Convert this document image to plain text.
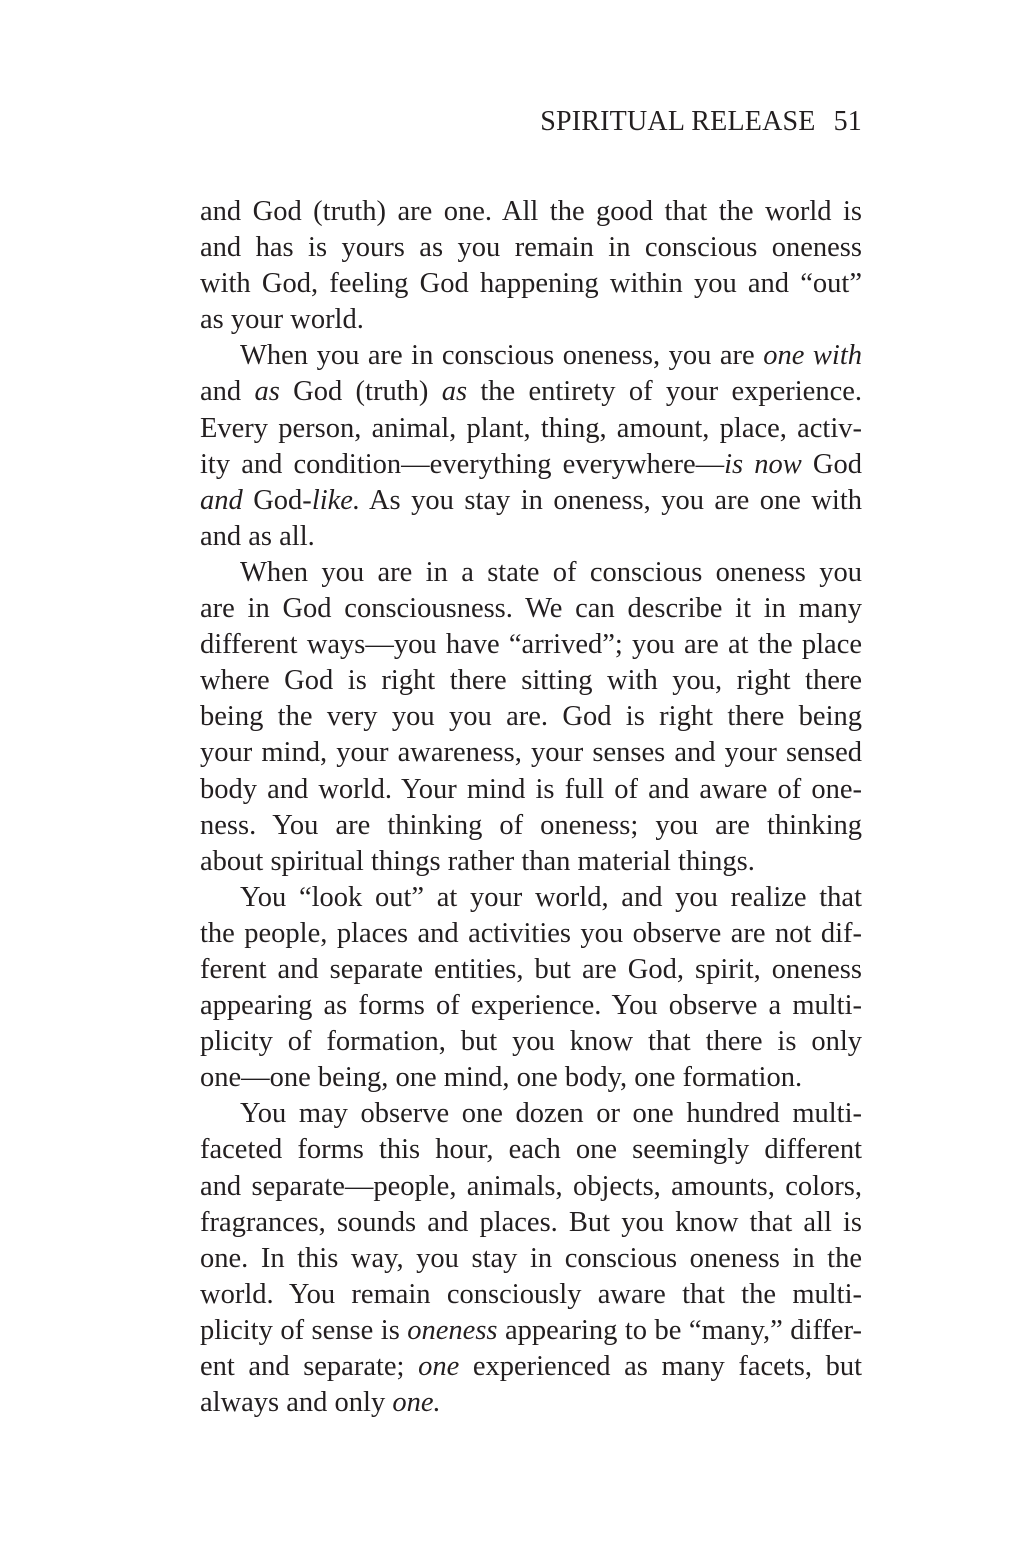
SPIRITUAL RELEASE 51
and God (truth) are one. All the good that the world is
and has is yours as you remain in conscious oneness
with God, feeling God happening within you and “out”
as your world.
When you are in conscious oneness, you are one with
and as God (truth) as the entirety of your experience.
Every person, animal, plant, thing, amount, place, activ-
ity and condition—everything everywhere—is now God
and God-like. As you stay in oneness, you are one with
and as all.
When you are in a state of conscious oneness you
are in God consciousness. We can describe it in many
different ways—you have “arrived”; you are at the place
where God is right there sitting with you, right there
being the very you you are. God is right there being
your mind, your awareness, your senses and your sensed
body and world. Your mind is full of and aware of one-
ness. You are thinking of oneness; you are thinking
about spiritual things rather than material things.
You “look out” at your world, and you realize that
the people, places and activities you observe are not dif-
ferent and separate entities, but are God, spirit, oneness
appearing as forms of experience. You observe a multi-
plicity of formation, but you know that there is only
one—one being, one mind, one body, one formation.
You may observe one dozen or one hundred multi-
faceted forms this hour, each one seemingly different
and separate—people, animals, objects, amounts, colors,
fragrances, sounds and places. But you know that all is
one. In this way, you stay in conscious oneness in the
world. You remain consciously aware that the multi-
plicity of sense is oneness appearing to be “many,” differ-
ent and separate; one experienced as many facets, but
always and only one.
